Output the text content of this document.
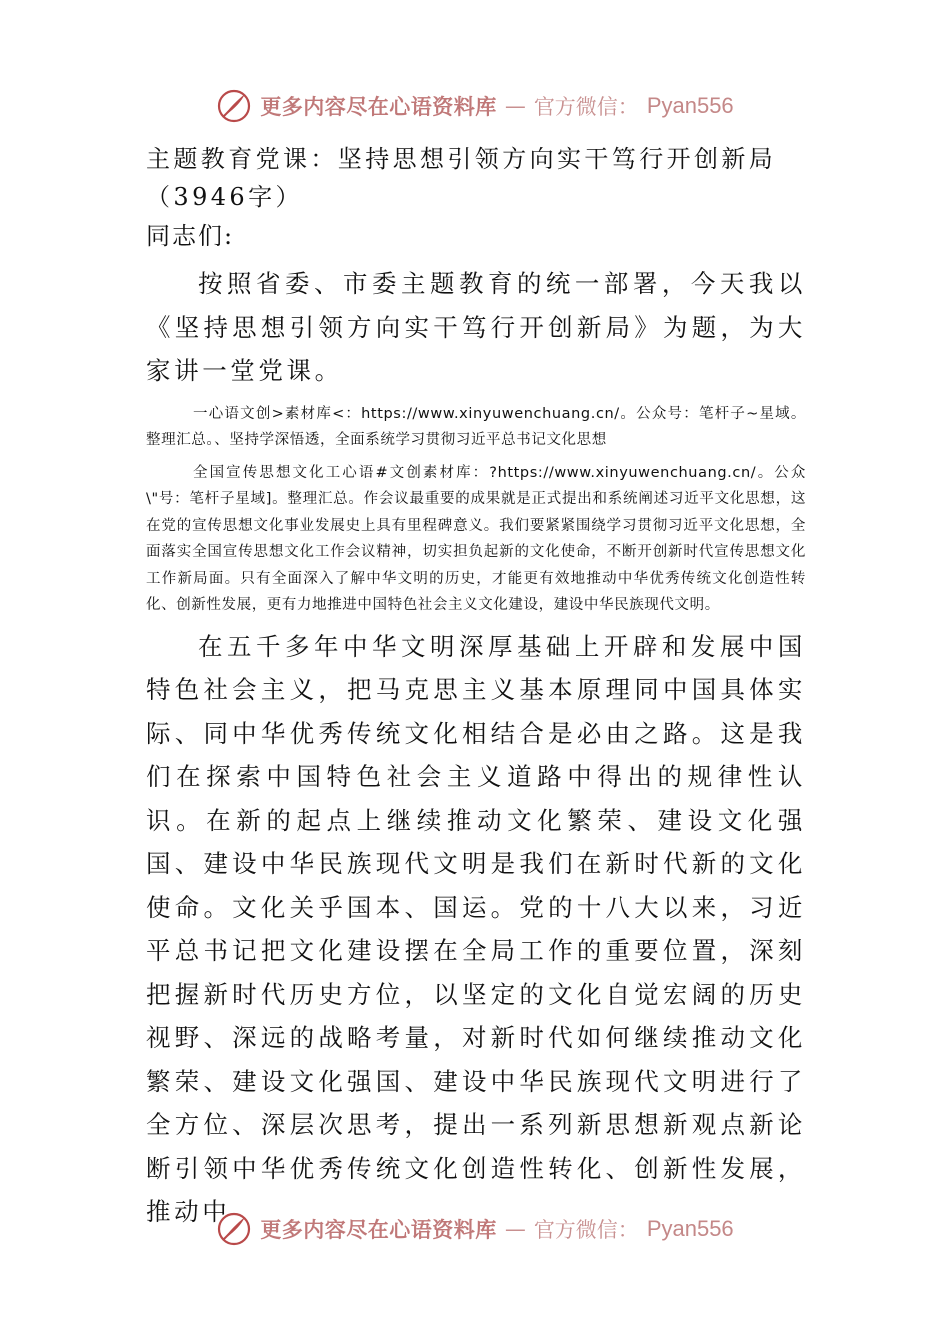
更多内容尽在心语资料库 — 官方微信： Pyan556
主题教育党课：坚持思想引领方向实干笃行开创新局（3946字）

同志们:

按照省委、市委主题教育的统一部署，今天我以《坚持思想引领方向实干笃行开创新局》为题，为大家讲一堂党课。

一心语文创>素材库<：https://www.xinyuwenchuang.cn/。公众号：笔杆子~星域。整理汇总。、坚持学深悟透，全面系统学习贯彻习近平总书记文化思想

全国宣传思想文化工心语#文创素材库：?https://www.xinyuwenchuang.cn/。公众\"号：笔杆子星域]。整理汇总。作会议最重要的成果就是正式提出和系统阐述习近平文化思想，这在党的宣传思想文化事业发展史上具有里程碑意义。我们要紧紧围绕学习贯彻习近平文化思想，全面落实全国宣传思想文化工作会议精神，切实担负起新的文化使命，不断开创新时代宣传思想文化工作新局面。只有全面深入了解中华文明的历史，才能更有效地推动中华优秀传统文化创造性转化、创新性发展，更有力地推进中国特色社会主义文化建设，建设中华民族现代文明。

在五千多年中华文明深厚基础上开辟和发展中国特色社会主义，把马克思主义基本原理同中国具体实际、同中华优秀传统文化相结合是必由之路。这是我们在探索中国特色社会主义道路中得出的规律性认识。在新的起点上继续推动文化繁荣、建设文化强国、建设中华民族现代文明是我们在新时代新的文化使命。文化关乎国本、国运。党的十八大以来，习近平总书记把文化建设摆在全局工作的重要位置，深刻把握新时代历史方位，以坚定的文化自觉宏阔的历史视野、深远的战略考量，对新时代如何继续推动文化繁荣、建设文化强国、建设中华民族现代文明进行了全方位、深层次思考，提出一系列新思想新观点新论断引领中华优秀传统文化创造性转化、创新性发展，推动中

更多内容尽在心语资料库 — 官方微信： Pyan556
